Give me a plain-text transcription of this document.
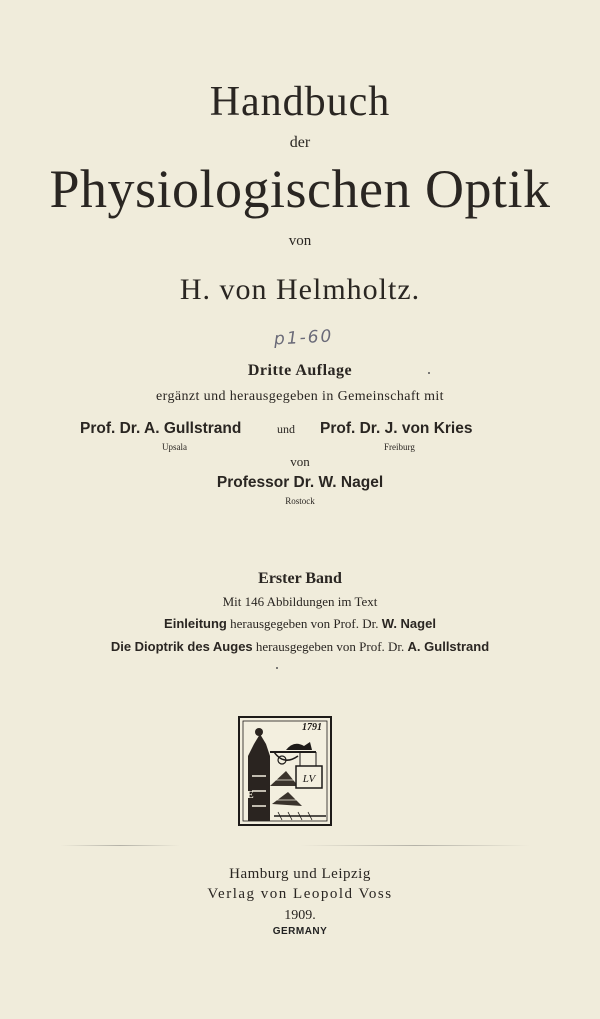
Handbuch
der
Physiologischen Optik
von
H. von Helmholtz.
p1-60
Dritte Auflage
ergänzt und herausgegeben in Gemeinschaft mit
Prof. Dr. A. Gullstrand
Upsala
und Prof. Dr. J. von Kries
Freiburg
von
Professor Dr. W. Nagel
Rostock
Erster Band
Mit 146 Abbildungen im Text
Einleitung herausgegeben von Prof. Dr. W. Nagel
Die Dioptrik des Auges herausgegeben von Prof. Dr. A. Gullstrand
LV
1791
E
Hamburg und Leipzig
Verlag von Leopold Voss
1909.
GERMANY
